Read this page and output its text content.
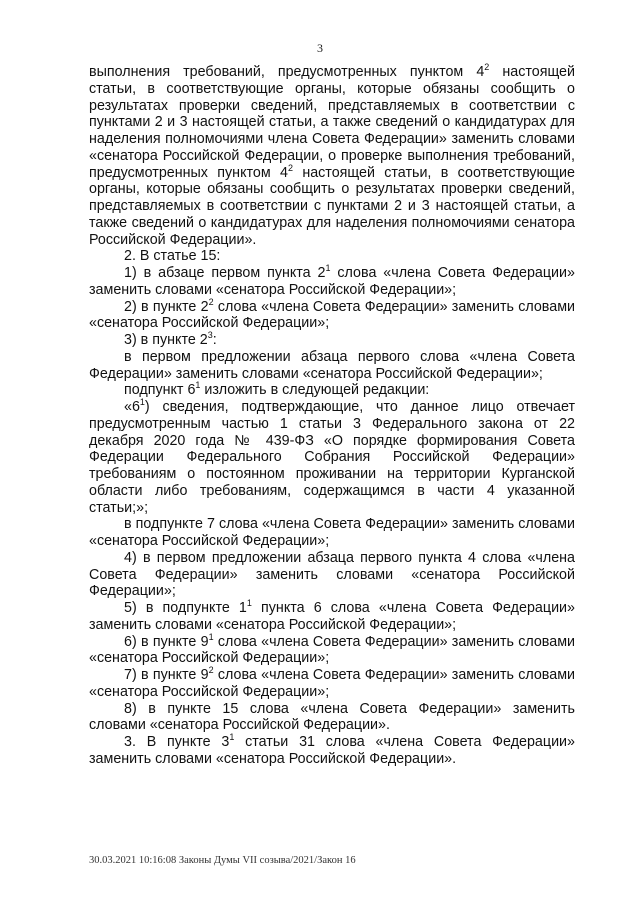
3

выполнения требований, предусмотренных пунктом $4^2$ настоящей статьи, в соответствующие органы, которые обязаны сообщить о результатах проверки сведений, представляемых в соответствии с пунктами 2 и 3 настоящей статьи, а также сведений о кандидатурах для наделения полномочиями члена Совета Федерации» заменить словами «сенатора Российской Федерации, о проверке выполнения требований, предусмотренных пунктом $4^2$ настоящей статьи, в соответствующие органы, которые обязаны сообщить о результатах проверки сведений, представляемых в соответствии с пунктами 2 и 3 настоящей статьи, а также сведений о кандидатурах для наделения полномочиями сенатора Российской Федерации».

2. В статье 15:

1) в абзаце первом пункта $2^1$ слова «члена Совета Федерации» заменить словами «сенатора Российской Федерации»;

2) в пункте $2^2$ слова «члена Совета Федерации» заменить словами «сенатора Российской Федерации»;

3) в пункте $2^3$:

в первом предложении абзаца первого слова «члена Совета Федерации» заменить словами «сенатора Российской Федерации»;

подпункт $6^1$ изложить в следующей редакции:

«$6^1$) сведения, подтверждающие, что данное лицо отвечает предусмотренным частью 1 статьи 3 Федерального закона от 22 декабря 2020 года № 439-ФЗ «О порядке формирования Совета Федерации Федерального Собрания Российской Федерации» требованиям о постоянном проживании на территории Курганской области либо требованиям, содержащимся в части 4 указанной статьи;»;

в подпункте 7 слова «члена Совета Федерации» заменить словами «сенатора Российской Федерации»;

4) в первом предложении абзаца первого пункта 4 слова «члена Совета Федерации» заменить словами «сенатора Российской Федерации»;

5) в подпункте $1^1$ пункта 6 слова «члена Совета Федерации» заменить словами «сенатора Российской Федерации»;

6) в пункте $9^1$ слова «члена Совета Федерации» заменить словами «сенатора Российской Федерации»;

7) в пункте $9^2$ слова «члена Совета Федерации» заменить словами «сенатора Российской Федерации»;

8) в пункте 15 слова «члена Совета Федерации» заменить словами «сенатора Российской Федерации».

3. В пункте $3^1$ статьи 31 слова «члена Совета Федерации» заменить словами «сенатора Российской Федерации».

30.03.2021 10:16:08 Законы Думы VII созыва/2021/Закон 16
